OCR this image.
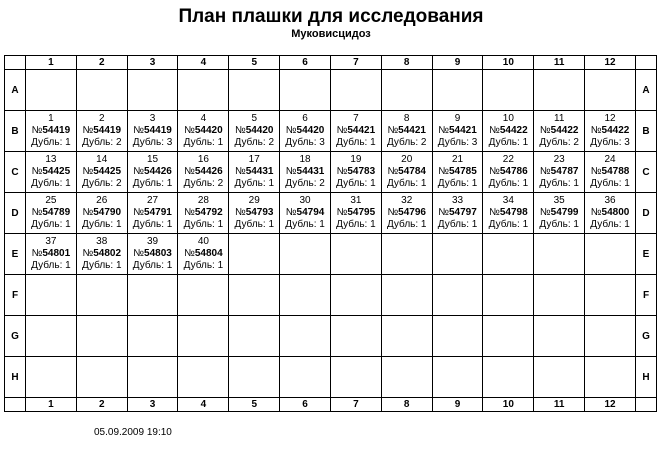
План плашки для исследования
Муковисцидоз
	1	2	3	4	5	6	7	8	9	10	11	12	
A													A
B	1
№54419
Дубль: 1	2
№54419
Дубль: 2	3
№54419
Дубль: 3	4
№54420
Дубль: 1	5
№54420
Дубль: 2	6
№54420
Дубль: 3	7
№54421
Дубль: 1	8
№54421
Дубль: 2	9
№54421
Дубль: 3	10
№54422
Дубль: 1	11
№54422
Дубль: 2	12
№54422
Дубль: 3	B
C	13
№54425
Дубль: 1	14
№54425
Дубль: 2	15
№54426
Дубль: 1	16
№54426
Дубль: 2	17
№54431
Дубль: 1	18
№54431
Дубль: 2	19
№54783
Дубль: 1	20
№54784
Дубль: 1	21
№54785
Дубль: 1	22
№54786
Дубль: 1	23
№54787
Дубль: 1	24
№54788
Дубль: 1	C
D	25
№54789
Дубль: 1	26
№54790
Дубль: 1	27
№54791
Дубль: 1	28
№54792
Дубль: 1	29
№54793
Дубль: 1	30
№54794
Дубль: 1	31
№54795
Дубль: 1	32
№54796
Дубль: 1	33
№54797
Дубль: 1	34
№54798
Дубль: 1	35
№54799
Дубль: 1	36
№54800
Дубль: 1	D
E	37
№54801
Дубль: 1	38
№54802
Дубль: 1	39
№54803
Дубль: 1	40
№54804
Дубль: 1									E
F													F
G													G
H													H
	1	2	3	4	5	6	7	8	9	10	11	12	
05.09.2009 19:10
